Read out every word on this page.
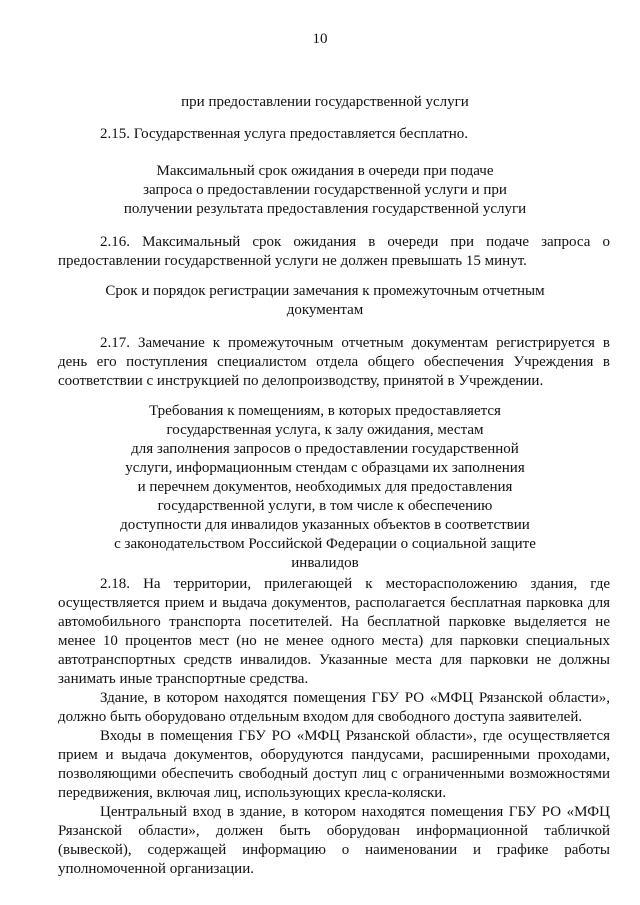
10
при предоставлении государственной услуги
2.15. Государственная услуга предоставляется бесплатно.
Максимальный срок ожидания в очереди при подаче
запроса о предоставлении государственной услуги и при
получении результата предоставления государственной услуги
2.16. Максимальный срок ожидания в очереди при подаче запроса о
предоставлении государственной услуги не должен превышать 15 минут.
Срок и порядок регистрации замечания к промежуточным отчетным
документам
2.17. Замечание к промежуточным отчетным документам регистрируется в
день его поступления специалистом отдела общего обеспечения Учреждения в
соответствии с инструкцией по делопроизводству, принятой в Учреждении.
Требования к помещениям, в которых предоставляется
государственная услуга, к залу ожидания, местам
для заполнения запросов о предоставлении государственной
услуги, информационным стендам с образцами их заполнения
и перечнем документов, необходимых для предоставления
государственной услуги, в том числе к обеспечению
доступности для инвалидов указанных объектов в соответствии
с законодательством Российской Федерации о социальной защите
инвалидов
2.18. На территории, прилегающей к месторасположению здания, где
осуществляется прием и выдача документов, располагается бесплатная парковка для
автомобильного транспорта посетителей. На бесплатной парковке выделяется не
менее 10 процентов мест (но не менее одного места) для парковки специальных
автотранспортных средств инвалидов. Указанные места для парковки не должны
занимать иные транспортные средства.
Здание, в котором находятся помещения ГБУ РО «МФЦ Рязанской области»,
должно быть оборудовано отдельным входом для свободного доступа заявителей.
Входы в помещения ГБУ РО «МФЦ Рязанской области», где осуществляется
прием и выдача документов, оборудуются пандусами, расширенными проходами,
позволяющими обеспечить свободный доступ лиц с ограниченными возможностями
передвижения, включая лиц, использующих кресла-коляски.
Центральный вход в здание, в котором находятся помещения ГБУ РО «МФЦ
Рязанской области», должен быть оборудован информационной табличкой
(вывеской), содержащей информацию о наименовании и графике работы
уполномоченной организации.
